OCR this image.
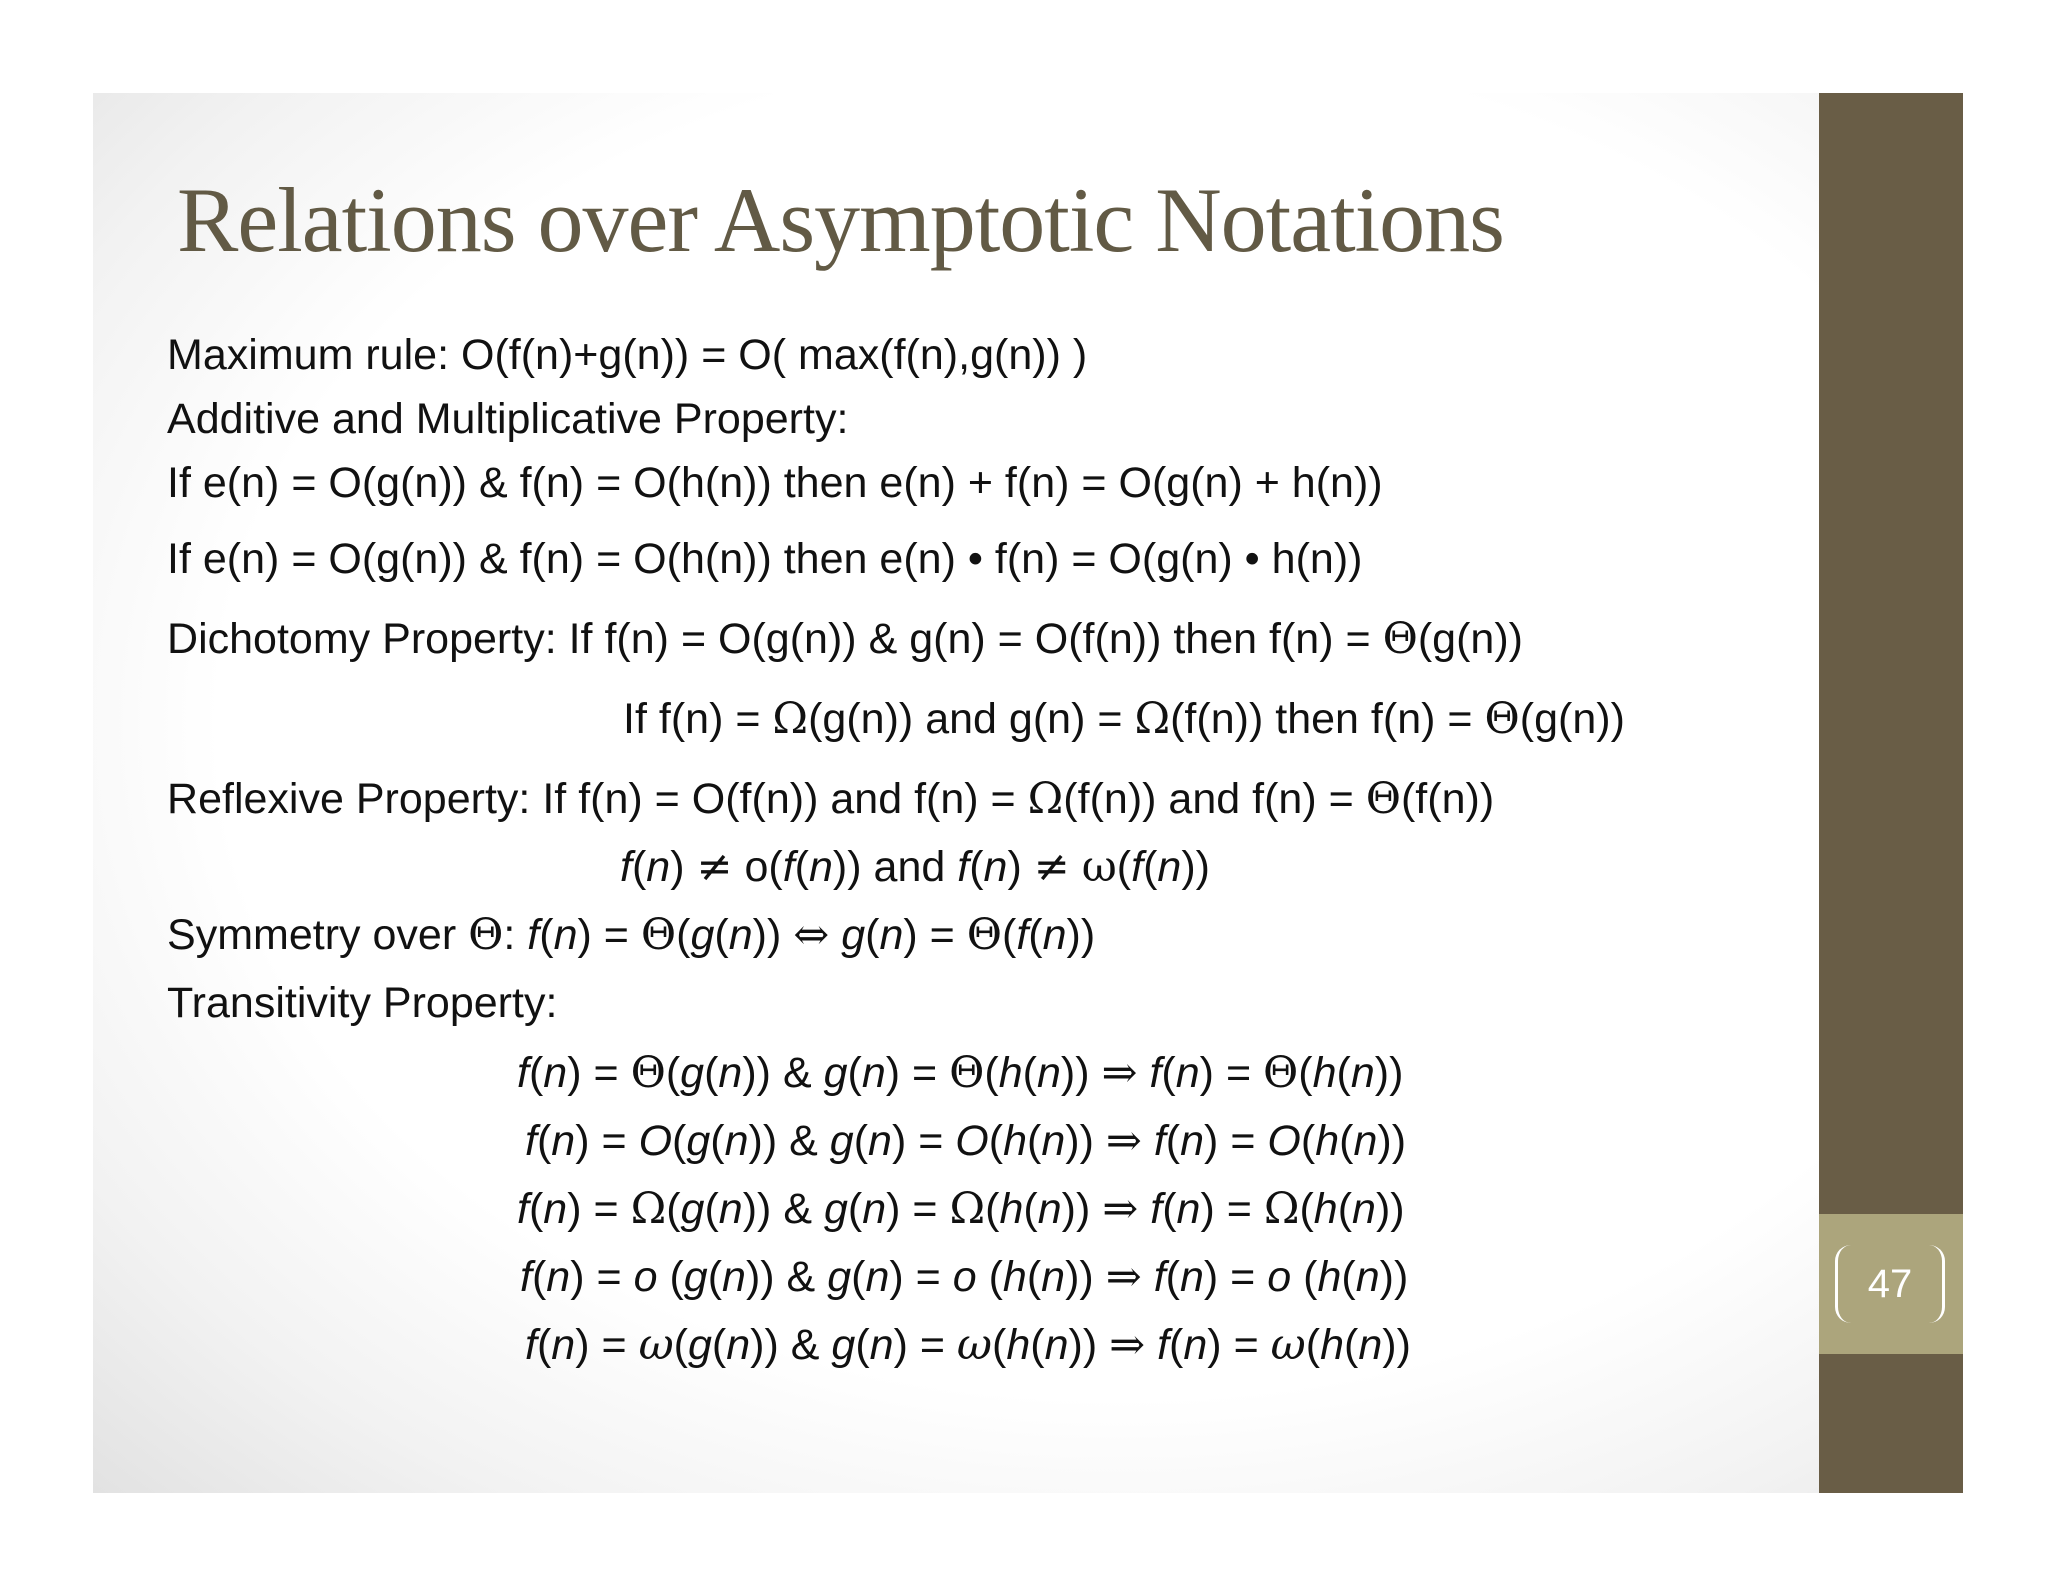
47
Relations over Asymptotic Notations
Maximum rule: O(f(n)+g(n)) = O( max(f(n),g(n)) )
Additive and Multiplicative Property:
If e(n) = O(g(n)) & f(n) = O(h(n)) then e(n) + f(n) = O(g(n) + h(n))
If e(n) = O(g(n)) & f(n) = O(h(n)) then e(n) • f(n) = O(g(n) • h(n))
Dichotomy Property: If f(n) = O(g(n)) & g(n) = O(f(n)) then f(n) = Θ(g(n))
If f(n) = Ω(g(n)) and g(n) = Ω(f(n)) then f(n) = Θ(g(n))
Reflexive Property: If f(n) = O(f(n)) and f(n) = Ω(f(n)) and f(n) = Θ(f(n))
f(n) ≠ o(f(n)) and f(n) ≠ ω(f(n))
Symmetry over Θ: f(n) = Θ(g(n)) ⇔ g(n) = Θ(f(n))
Transitivity Property:
f(n) = Θ(g(n)) & g(n) = Θ(h(n)) ⇒ f(n) = Θ(h(n))
f(n) = O(g(n)) & g(n) = O(h(n)) ⇒ f(n) = O(h(n))
f(n) = Ω(g(n)) & g(n) = Ω(h(n)) ⇒ f(n) = Ω(h(n))
f(n) = o (g(n)) & g(n) = o (h(n)) ⇒ f(n) = o (h(n))
f(n) = ω(g(n)) & g(n) = ω(h(n)) ⇒ f(n) = ω(h(n))
